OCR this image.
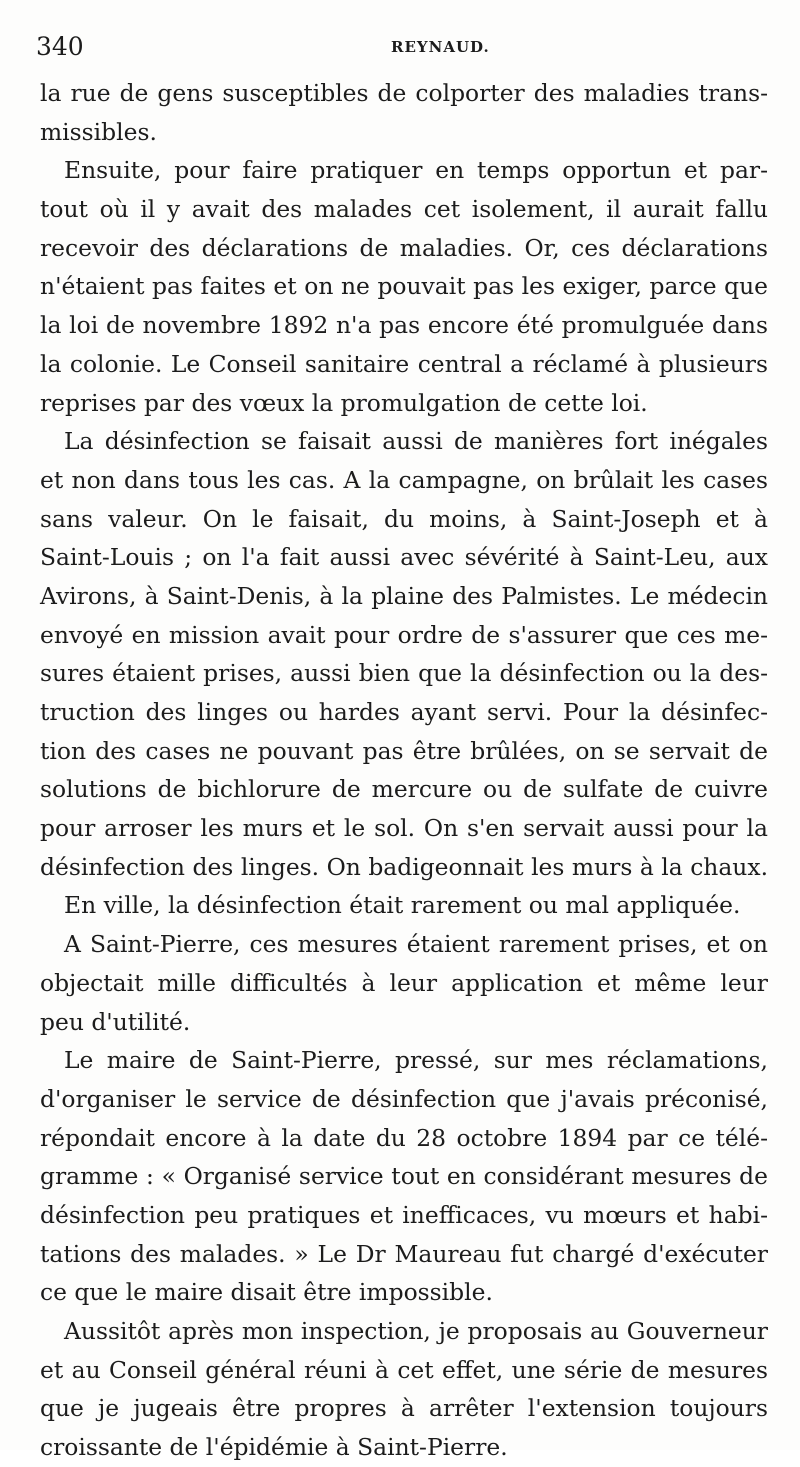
340	REYNAUD.
la rue de gens susceptibles de colporter des maladies trans-
missibles.
Ensuite, pour faire pratiquer en temps opportun et par-
tout où il y avait des malades cet isolement, il aurait fallu
recevoir des déclarations de maladies. Or, ces déclarations
n'étaient pas faites et on ne pouvait pas les exiger, parce que
la loi de novembre 1892 n'a pas encore été promulguée dans
la colonie. Le Conseil sanitaire central a réclamé à plusieurs
reprises par des vœux la promulgation de cette loi.
La désinfection se faisait aussi de manières fort inégales
et non dans tous les cas. A la campagne, on brûlait les cases
sans valeur. On le faisait, du moins, à Saint-Joseph et à
Saint-Louis ; on l'a fait aussi avec sévérité à Saint-Leu, aux
Avirons, à Saint-Denis, à la plaine des Palmistes. Le médecin
envoyé en mission avait pour ordre de s'assurer que ces me-
sures étaient prises, aussi bien que la désinfection ou la des-
truction des linges ou hardes ayant servi. Pour la désinfec-
tion des cases ne pouvant pas être brûlées, on se servait de
solutions de bichlorure de mercure ou de sulfate de cuivre
pour arroser les murs et le sol. On s'en servait aussi pour la
désinfection des linges. On badigeonnait les murs à la chaux.
En ville, la désinfection était rarement ou mal appliquée.
A Saint-Pierre, ces mesures étaient rarement prises, et on
objectait mille difficultés à leur application et même leur
peu d'utilité.
Le maire de Saint-Pierre, pressé, sur mes réclamations,
d'organiser le service de désinfection que j'avais préconisé,
répondait encore à la date du 28 octobre 1894 par ce télé-
gramme : « Organisé service tout en considérant mesures de
désinfection peu pratiques et inefficaces, vu mœurs et habi-
tations des malades. » Le Dr Maureau fut chargé d'exécuter
ce que le maire disait être impossible.
Aussitôt après mon inspection, je proposais au Gouverneur
et au Conseil général réuni à cet effet, une série de mesures
que je jugeais être propres à arrêter l'extension toujours
croissante de l'épidémie à Saint-Pierre.
